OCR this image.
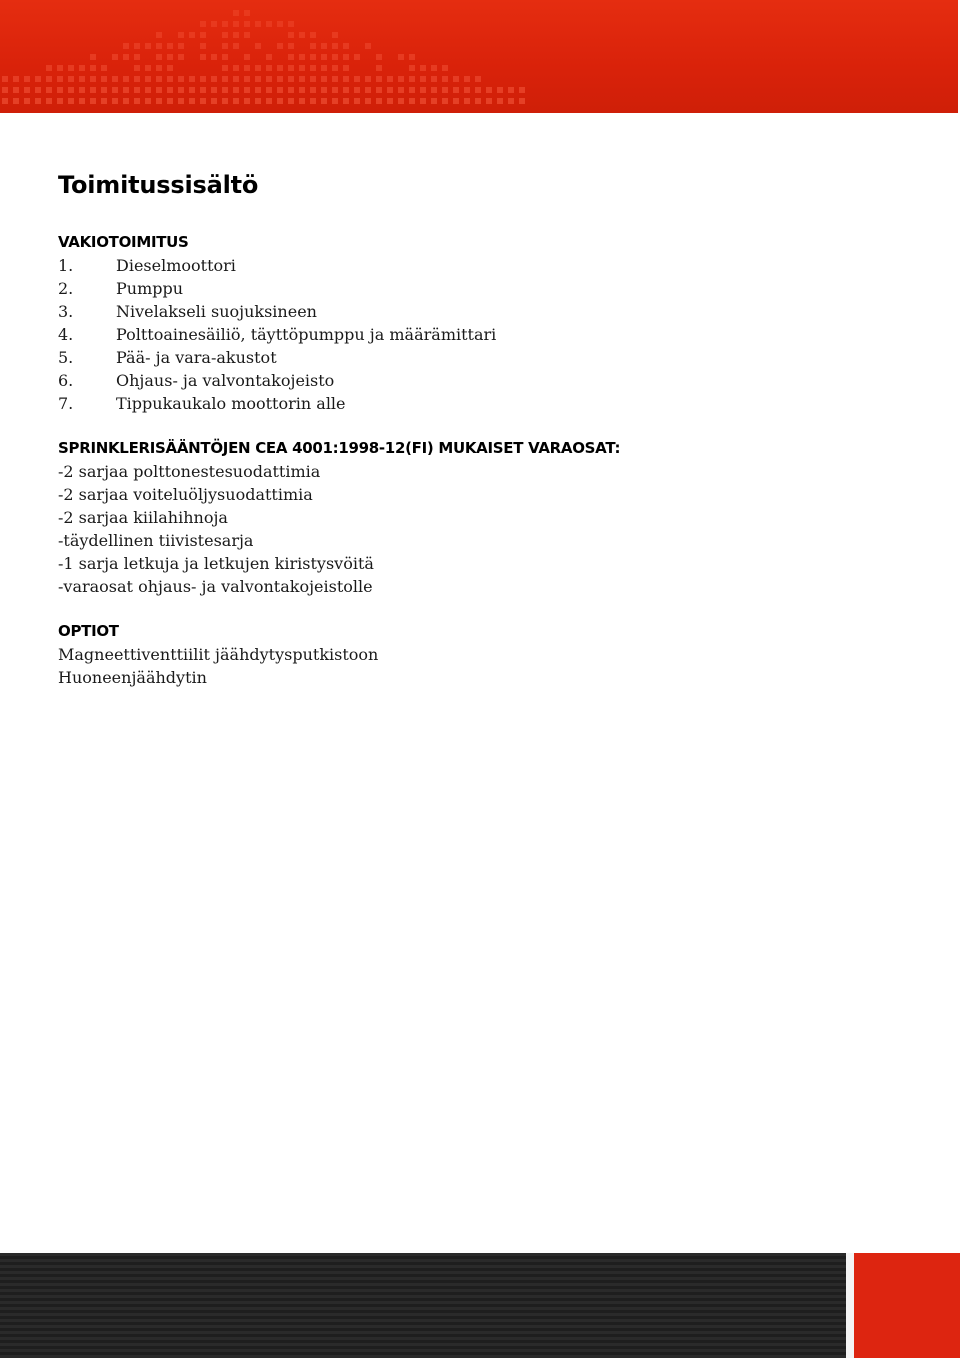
Toimitussisältö
VAKIOTOIMITUS
1.	Dieselmoottori
2.	Pumppu
3.	Nivelakseli suojuksineen
4.	Polttoainesäiliö, täyttöpumppu ja määrämittari
5.	Pää- ja vara-akustot
6.	Ohjaus- ja valvontakojeisto
7.	Tippukaukalo moottorin alle
SPRINKLERISÄÄNTÖJEN CEA 4001:1998-12(FI) MUKAISET VARAOSAT:
-2 sarjaa polttonestesuodattimia
-2 sarjaa voiteluöljysuodattimia
-2 sarjaa kiilahihnoja
-täydellinen tiivistesarja
-1 sarja letkuja ja letkujen kiristysvöitä
-varaosat ohjaus- ja valvontakojeistolle
OPTIOT
Magneettiventtiilit jäähdytysputkistoon
Huoneenjäähdytin
